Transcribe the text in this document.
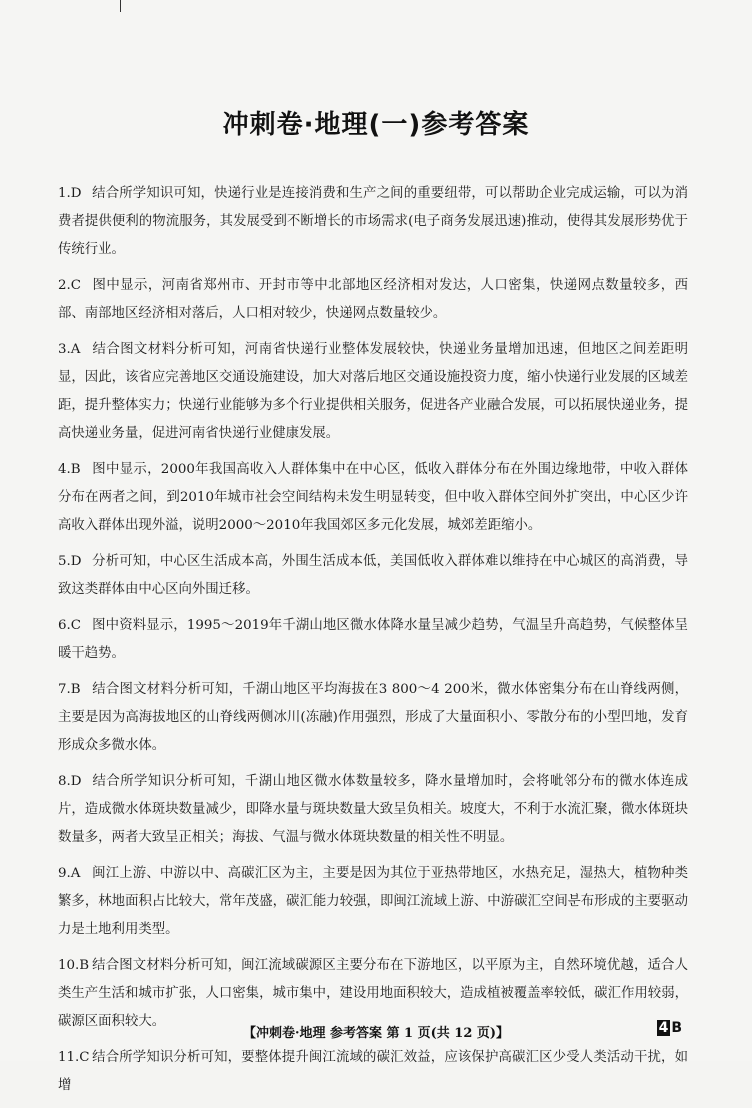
冲刺卷·地理(一)参考答案

1.D 结合所学知识可知，快递行业是连接消费和生产之间的重要纽带，可以帮助企业完成运输，可以为消费者提供便利的物流服务，其发展受到不断增长的市场需求(电子商务发展迅速)推动，使得其发展形势优于传统行业。

2.C 图中显示，河南省郑州市、开封市等中北部地区经济相对发达，人口密集，快递网点数量较多，西部、南部地区经济相对落后，人口相对较少，快递网点数量较少。

3.A 结合图文材料分析可知，河南省快递行业整体发展较快，快递业务量增加迅速，但地区之间差距明显，因此，该省应完善地区交通设施建设，加大对落后地区交通设施投资力度，缩小快递行业发展的区域差距，提升整体实力；快递行业能够为多个行业提供相关服务，促进各产业融合发展，可以拓展快递业务，提高快递业务量，促进河南省快递行业健康发展。

4.B 图中显示，2000年我国高收入人群体集中在中心区，低收入群体分布在外围边缘地带，中收入群体分布在两者之间，到2010年城市社会空间结构未发生明显转变，但中收入群体空间外扩突出，中心区少许高收入群体出现外溢，说明2000～2010年我国郊区多元化发展，城郊差距缩小。

5.D 分析可知，中心区生活成本高，外围生活成本低，美国低收入群体难以维持在中心城区的高消费，导致这类群体由中心区向外围迁移。

6.C 图中资料显示，1995～2019年千湖山地区微水体降水量呈减少趋势，气温呈升高趋势，气候整体呈暖干趋势。

7.B 结合图文材料分析可知，千湖山地区平均海拔在3 800～4 200米，微水体密集分布在山脊线两侧，主要是因为高海拔地区的山脊线两侧冰川(冻融)作用强烈，形成了大量面积小、零散分布的小型凹地，发育形成众多微水体。

8.D 结合所学知识分析可知，千湖山地区微水体数量较多，降水量增加时，会将呲邻分布的微水体连成片，造成微水体斑块数量减少，即降水量与斑块数量大致呈负相关。坡度大，不利于水流汇聚，微水体斑块数量多，两者大致呈正相关；海拔、气温与微水体斑块数量的相关性不明显。

9.A 闽江上游、中游以中、高碳汇区为主，主要是因为其位于亚热带地区，水热充足，湿热大，植物种类繁多，林地面积占比较大，常年茂盛，碳汇能力较强，即闽江流域上游、中游碳汇空间분布形成的主要驱动力是土地利用类型。

10.B 结合图文材料分析可知，闽江流域碳源区主要分布在下游地区，以平原为主，自然环境优越，适合人类生产生活和城市扩张，人口密集，城市集中，建设用地面积较大，造成植被覆盖率较低，碳汇作用较弱，碳源区面积较大。

11.C 结合所学知识分析可知，要整体提升闽江流域的碳汇效益，应该保护高碳汇区少受人类活动干扰，如增

【冲刺卷·地理 参考答案 第 1 页(共 12 页)】	4 B
